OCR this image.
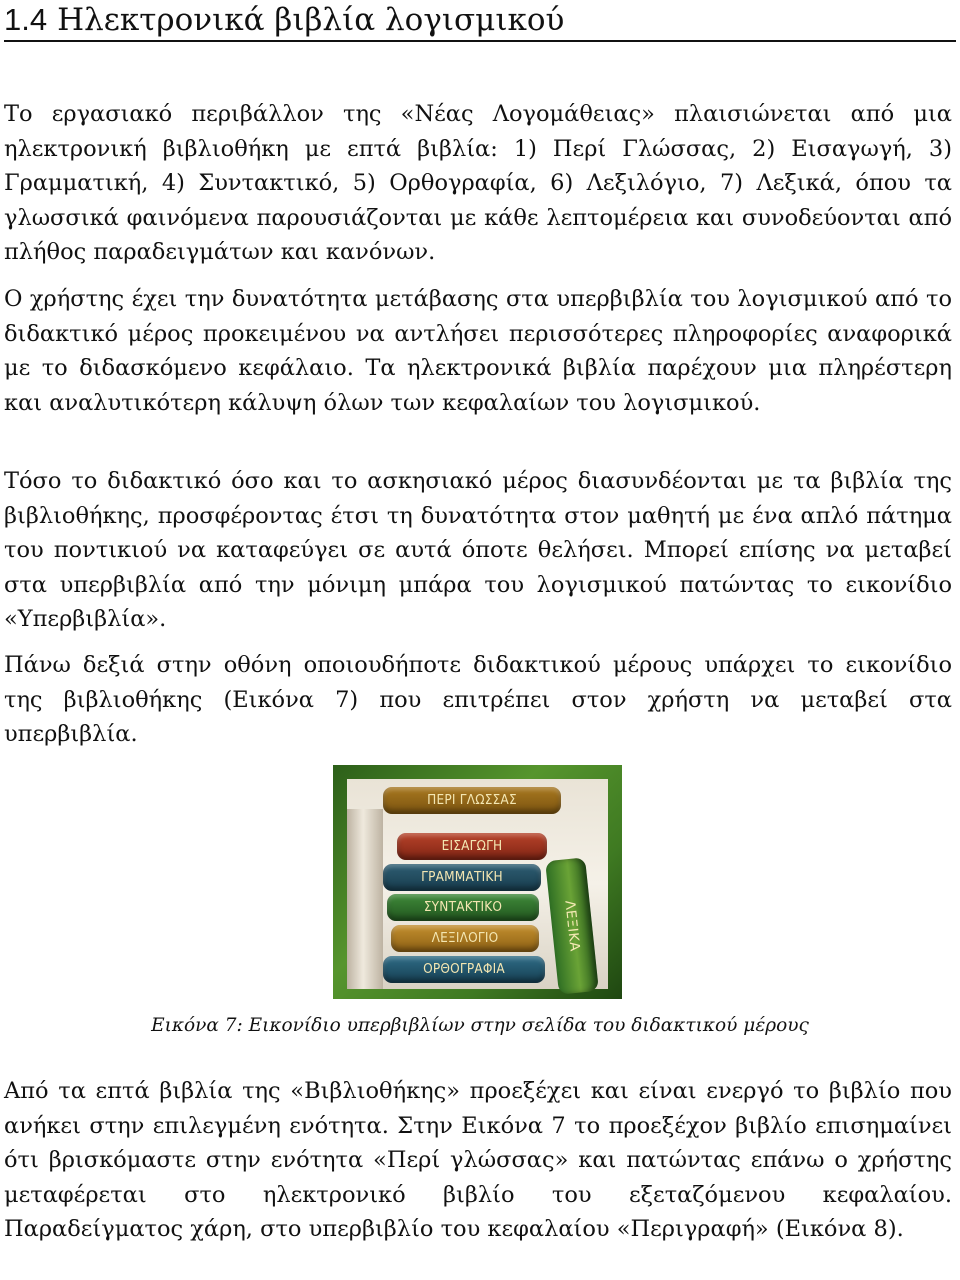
1.4 Ηλεκτρονικά βιβλία λογισμικού

Το εργασιακό περιβάλλον της «Νέας Λογομάθειας» πλαισιώνεται από μια ηλεκτρονική βιβλιοθήκη με επτά βιβλία: 1) Περί Γλώσσας, 2) Εισαγωγή, 3) Γραμματική, 4) Συντακτικό, 5) Ορθογραφία, 6) Λεξιλόγιο, 7) Λεξικά, όπου τα γλωσσικά φαινόμενα παρουσιάζονται με κάθε λεπτομέρεια και συνοδεύονται από πλήθος παραδειγμάτων και κανόνων.

Ο χρήστης έχει την δυνατότητα μετάβασης στα υπερβιβλία του λογισμικού από το διδακτικό μέρος προκειμένου να αντλήσει περισσότερες πληροφορίες αναφορικά με το διδασκόμενο κεφάλαιο. Τα ηλεκτρονικά βιβλία παρέχουν μια πληρέστερη και αναλυτικότερη κάλυψη όλων των κεφαλαίων του λογισμικού.

Τόσο το διδακτικό όσο και το ασκησιακό μέρος διασυνδέονται με τα βιβλία της βιβλιοθήκης, προσφέροντας έτσι τη δυνατότητα στον μαθητή με ένα απλό πάτημα του ποντικιού να καταφεύγει σε αυτά όποτε θελήσει. Μπορεί επίσης να μεταβεί στα υπερβιβλία από την μόνιμη μπάρα του λογισμικού πατώντας το εικονίδιο «Υπερβιβλία».

Πάνω δεξιά στην οθόνη οποιουδήποτε διδακτικού μέρους υπάρχει το εικονίδιο της βιβλιοθήκης (Εικόνα 7) που επιτρέπει στον χρήστη να μεταβεί στα υπερβιβλία.

ΠΕΡΙ ΓΛΩΣΣΑΣ
ΕΙΣΑΓΩΓΗ
ΓΡΑΜΜΑΤΙΚΗ
ΣΥΝΤΑΚΤΙΚΟ
ΛΕΞΙΛΟΓΙΟ
ΟΡΘΟΓΡΑΦΙΑ
ΛΕΞΙΚΑ
Εικόνα 7: Εικονίδιο υπερβιβλίων στην σελίδα του διδακτικού μέρους

Από τα επτά βιβλία της «Βιβλιοθήκης» προεξέχει και είναι ενεργό το βιβλίο που ανήκει στην επιλεγμένη ενότητα. Στην Εικόνα 7 το προεξέχον βιβλίο επισημαίνει ότι βρισκόμαστε στην ενότητα «Περί γλώσσας» και πατώντας επάνω ο χρήστης μεταφέρεται στο ηλεκτρονικό βιβλίο του εξεταζόμενου κεφαλαίου. Παραδείγματος χάρη, στο υπερβιβλίο του κεφαλαίου «Περιγραφή» (Εικόνα 8).
